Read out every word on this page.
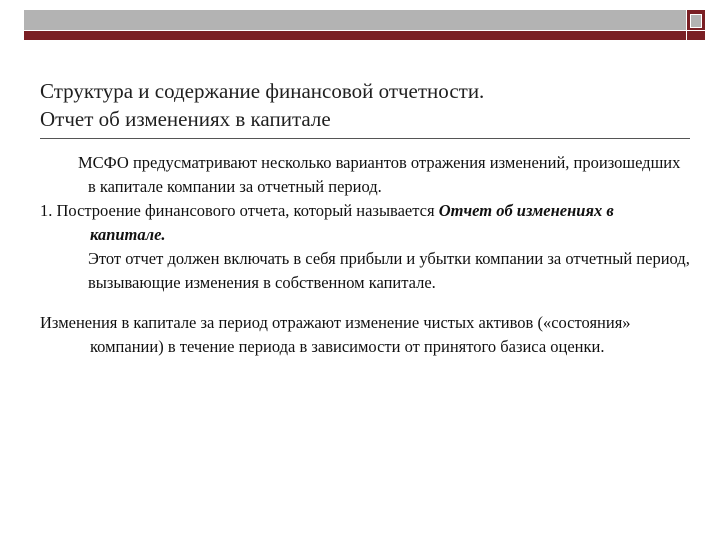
Структура и содержание финансовой отчетности.
Отчет об изменениях в капитале

МСФО предусматривают несколько вариантов отражения изменений, произошедших в капитале компании за отчетный период.

1. Построение финансового отчета, который называется Отчет об изменениях в капитале.

Этот отчет должен включать в себя прибыли и убытки компании за отчетный период, вызывающие изменения в собственном капитале.

Изменения в капитале за период отражают изменение чистых активов («состояния» компании) в течение периода в зависимости от принятого базиса оценки.
